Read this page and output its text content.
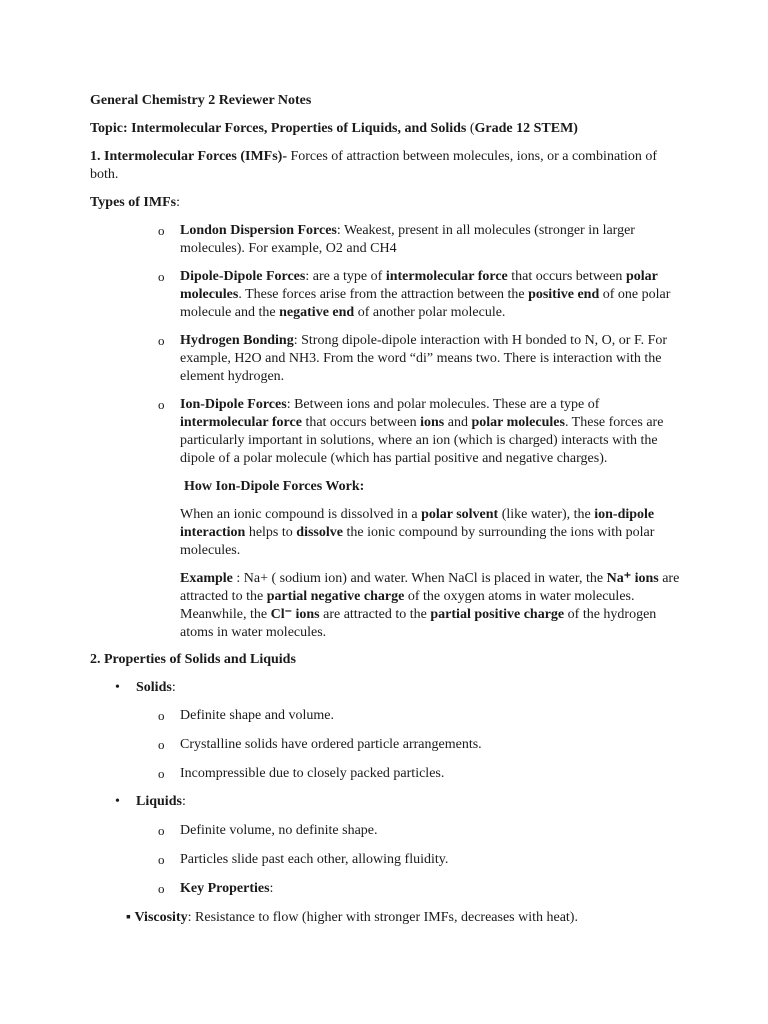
General Chemistry 2 Reviewer Notes

Topic: Intermolecular Forces, Properties of Liquids, and Solids (Grade 12 STEM)

1. Intermolecular Forces (IMFs)- Forces of attraction between molecules, ions, or a combination of both.

Types of IMFs:

o London Dispersion Forces: Weakest, present in all molecules (stronger in larger molecules). For example, O2 and CH4

o Dipole-Dipole Forces: are a type of intermolecular force that occurs between polar molecules. These forces arise from the attraction between the positive end of one polar molecule and the negative end of another polar molecule.

o Hydrogen Bonding: Strong dipole-dipole interaction with H bonded to N, O, or F. For example, H2O and NH3. From the word “di” means two. There is interaction with the element hydrogen.

o Ion-Dipole Forces: Between ions and polar molecules. These are a type of intermolecular force that occurs between ions and polar molecules. These forces are particularly important in solutions, where an ion (which is charged) interacts with the dipole of a polar molecule (which has partial positive and negative charges).

How Ion-Dipole Forces Work:

When an ionic compound is dissolved in a polar solvent (like water), the ion-dipole interaction helps to dissolve the ionic compound by surrounding the ions with polar molecules.

Example : Na+ ( sodium ion) and water. When NaCl is placed in water, the Na⁺ ions are attracted to the partial negative charge of the oxygen atoms in water molecules. Meanwhile, the Cl⁻ ions are attracted to the partial positive charge of the hydrogen atoms in water molecules.

2. Properties of Solids and Liquids

• Solids:

o Definite shape and volume.

o Crystalline solids have ordered particle arrangements.

o Incompressible due to closely packed particles.

• Liquids:

o Definite volume, no definite shape.

o Particles slide past each other, allowing fluidity.

o Key Properties:

▪ Viscosity: Resistance to flow (higher with stronger IMFs, decreases with heat).
